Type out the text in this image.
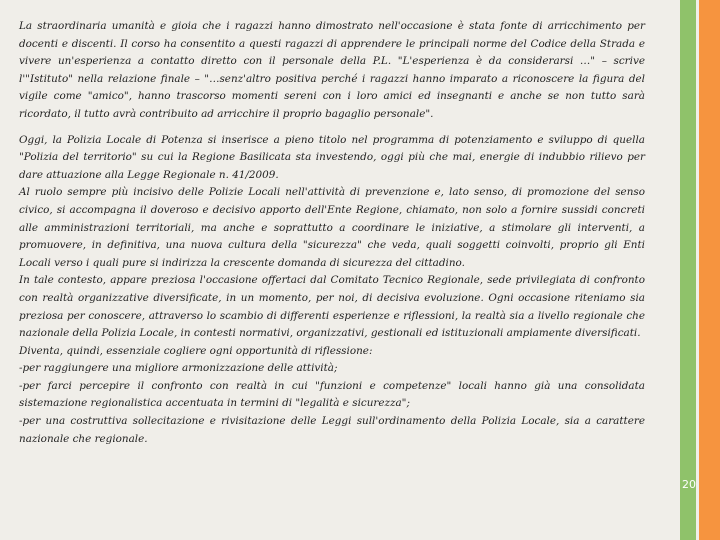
La straordinaria umanità e gioia che i ragazzi hanno dimostrato nell'occasione è stata fonte di arricchimento per docenti e discenti. Il corso ha consentito a questi ragazzi di apprendere le principali norme del Codice della Strada e vivere un'esperienza a contatto diretto con il personale della P.L. "L'esperienza è da considerarsi …" – scrive l'"Istituto" nella relazione finale – "…senz'altro positiva perché i ragazzi hanno imparato a riconoscere la figura del vigile come "amico", hanno trascorso momenti sereni con i loro amici ed insegnanti e anche se non tutto sarà ricordato, il tutto avrà contribuito ad arricchire il proprio bagaglio personale".

Oggi, la Polizia Locale di Potenza si inserisce a pieno titolo nel programma di potenziamento e sviluppo di quella "Polizia del territorio" su cui la Regione Basilicata sta investendo, oggi più che mai, energie di indubbio rilievo per dare attuazione alla Legge Regionale n. 41/2009.

Al ruolo sempre più incisivo delle Polizie Locali nell'attività di prevenzione e, lato senso, di promozione del senso civico, si accompagna il doveroso e decisivo apporto dell'Ente Regione, chiamato, non solo a fornire sussidi concreti alle amministrazioni territoriali, ma anche e soprattutto a coordinare le iniziative, a stimolare gli interventi, a promuovere, in definitiva, una nuova cultura della "sicurezza" che veda, quali soggetti coinvolti, proprio gli Enti Locali verso i quali pure si indirizza la crescente domanda di sicurezza del cittadino.

In tale contesto, appare preziosa l'occasione offertaci dal Comitato Tecnico Regionale, sede privilegiata di confronto con realtà organizzative diversificate, in un momento, per noi, di decisiva evoluzione. Ogni occasione riteniamo sia preziosa per conoscere, attraverso lo scambio di differenti esperienze e riflessioni, la realtà sia a livello regionale che nazionale della Polizia Locale, in contesti normativi, organizzativi, gestionali ed istituzionali ampiamente diversificati.

Diventa, quindi, essenziale cogliere ogni opportunità di riflessione:

-per raggiungere una migliore armonizzazione delle attività;

-per farci percepire il confronto con realtà in cui "funzioni e competenze" locali hanno già una consolidata sistemazione regionalistica accentuata in termini di "legalità e sicurezza";

-per una costruttiva sollecitazione e rivisitazione delle Leggi sull'ordinamento della Polizia Locale, sia a carattere nazionale che regionale.

20
